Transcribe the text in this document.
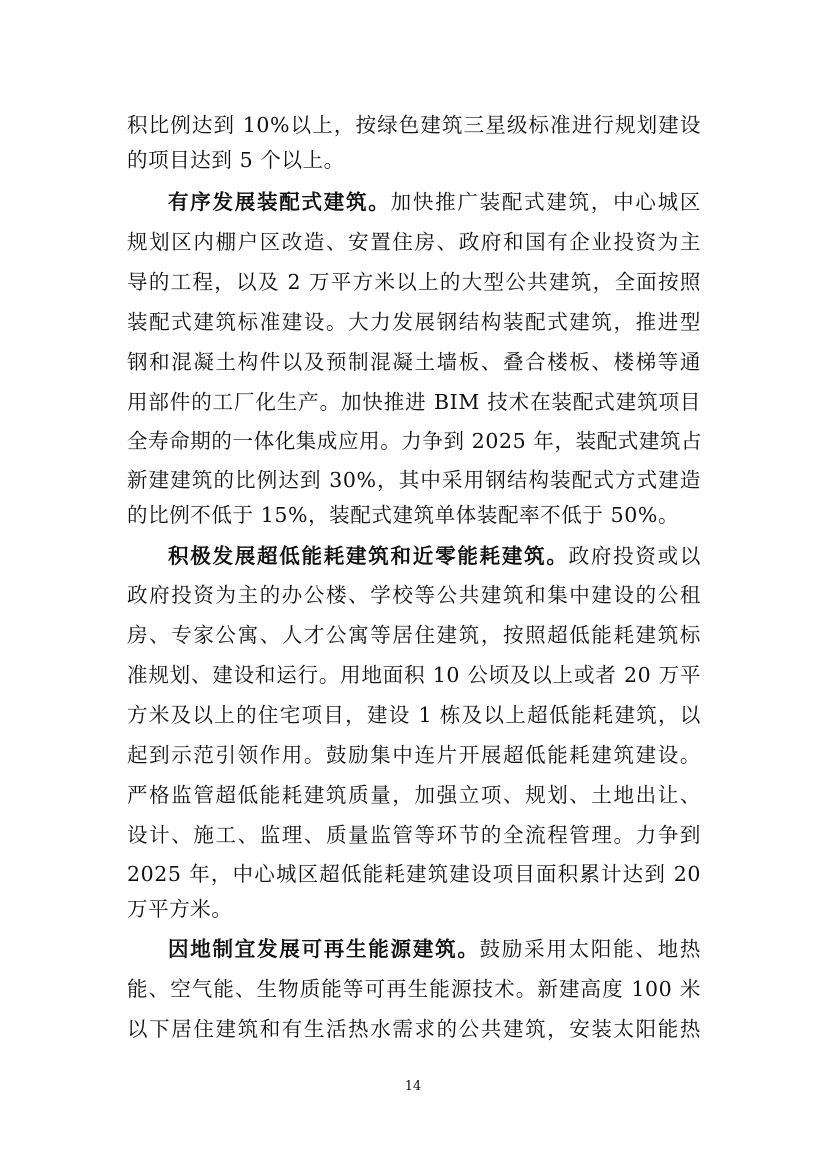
积比例达到 10%以上，按绿色建筑三星级标准进行规划建设
的项目达到 5 个以上。
有序发展装配式建筑。加快推广装配式建筑，中心城区
规划区内棚户区改造、安置住房、政府和国有企业投资为主
导的工程，以及 2 万平方米以上的大型公共建筑，全面按照
装配式建筑标准建设。大力发展钢结构装配式建筑，推进型
钢和混凝土构件以及预制混凝土墙板、叠合楼板、楼梯等通
用部件的工厂化生产。加快推进 BIM 技术在装配式建筑项目
全寿命期的一体化集成应用。力争到 2025 年，装配式建筑占
新建建筑的比例达到 30%，其中采用钢结构装配式方式建造
的比例不低于 15%，装配式建筑单体装配率不低于 50%。
积极发展超低能耗建筑和近零能耗建筑。政府投资或以
政府投资为主的办公楼、学校等公共建筑和集中建设的公租
房、专家公寓、人才公寓等居住建筑，按照超低能耗建筑标
准规划、建设和运行。用地面积 10 公顷及以上或者 20 万平
方米及以上的住宅项目，建设 1 栋及以上超低能耗建筑，以
起到示范引领作用。鼓励集中连片开展超低能耗建筑建设。
严格监管超低能耗建筑质量，加强立项、规划、土地出让、
设计、施工、监理、质量监管等环节的全流程管理。力争到
2025 年，中心城区超低能耗建筑建设项目面积累计达到 20
万平方米。
因地制宜发展可再生能源建筑。鼓励采用太阳能、地热
能、空气能、生物质能等可再生能源技术。新建高度 100 米
以下居住建筑和有生活热水需求的公共建筑，安装太阳能热
14
